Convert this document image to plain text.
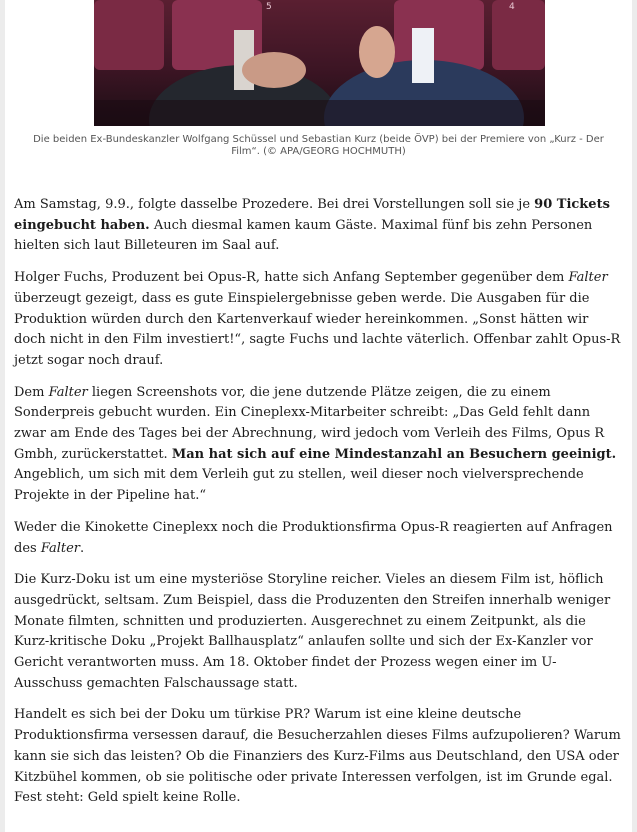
5	4
Die beiden Ex-Bundeskanzler Wolfgang Schüssel und Sebastian Kurz (beide ÖVP) bei der Premiere von „Kurz - Der Film“. (© APA/GEORG HOCHMUTH)

Am Samstag, 9.9., folgte dasselbe Prozedere. Bei drei Vorstellungen soll sie je 90 Tickets eingebucht haben. Auch diesmal kamen kaum Gäste. Maximal fünf bis zehn Personen hielten sich laut Billeteuren im Saal auf.

Holger Fuchs, Produzent bei Opus-R, hatte sich Anfang September gegenüber dem Falter überzeugt gezeigt, dass es gute Einspielergebnisse geben werde. Die Ausgaben für die Produktion würden durch den Kartenverkauf wieder hereinkommen. „Sonst hätten wir doch nicht in den Film investiert!“, sagte Fuchs und lachte väterlich. Offenbar zahlt Opus-R jetzt sogar noch drauf.

Dem Falter liegen Screenshots vor, die jene dutzende Plätze zeigen, die zu einem Sonderpreis gebucht wurden. Ein Cineplexx-Mitarbeiter schreibt: „Das Geld fehlt dann zwar am Ende des Tages bei der Abrechnung, wird jedoch vom Verleih des Films, Opus R Gmbh, zurückerstattet. Man hat sich auf eine Mindestanzahl an Besuchern geeinigt. Angeblich, um sich mit dem Verleih gut zu stellen, weil dieser noch vielversprechende Projekte in der Pipeline hat.“

Weder die Kinokette Cineplexx noch die Produktionsfirma Opus-R reagierten auf Anfragen des Falter.

Die Kurz-Doku ist um eine mysteriöse Storyline reicher. Vieles an diesem Film ist, höflich ausgedrückt, seltsam. Zum Beispiel, dass die Produzenten den Streifen innerhalb weniger Monate filmten, schnitten und produzierten. Ausgerechnet zu einem Zeitpunkt, als die Kurz-kritische Doku „Projekt Ballhausplatz“ anlaufen sollte und sich der Ex-Kanzler vor Gericht verantworten muss. Am 18. Oktober findet der Prozess wegen einer im U-Ausschuss gemachten Falschaussage statt.

Handelt es sich bei der Doku um türkise PR? Warum ist eine kleine deutsche Produktionsfirma versessen darauf, die Besucherzahlen dieses Films aufzupolieren? Warum kann sie sich das leisten? Ob die Finanziers des Kurz-Films aus Deutschland, den USA oder Kitzbühel kommen, ob sie politische oder private Interessen verfolgen, ist im Grunde egal. Fest steht: Geld spielt keine Rolle.
